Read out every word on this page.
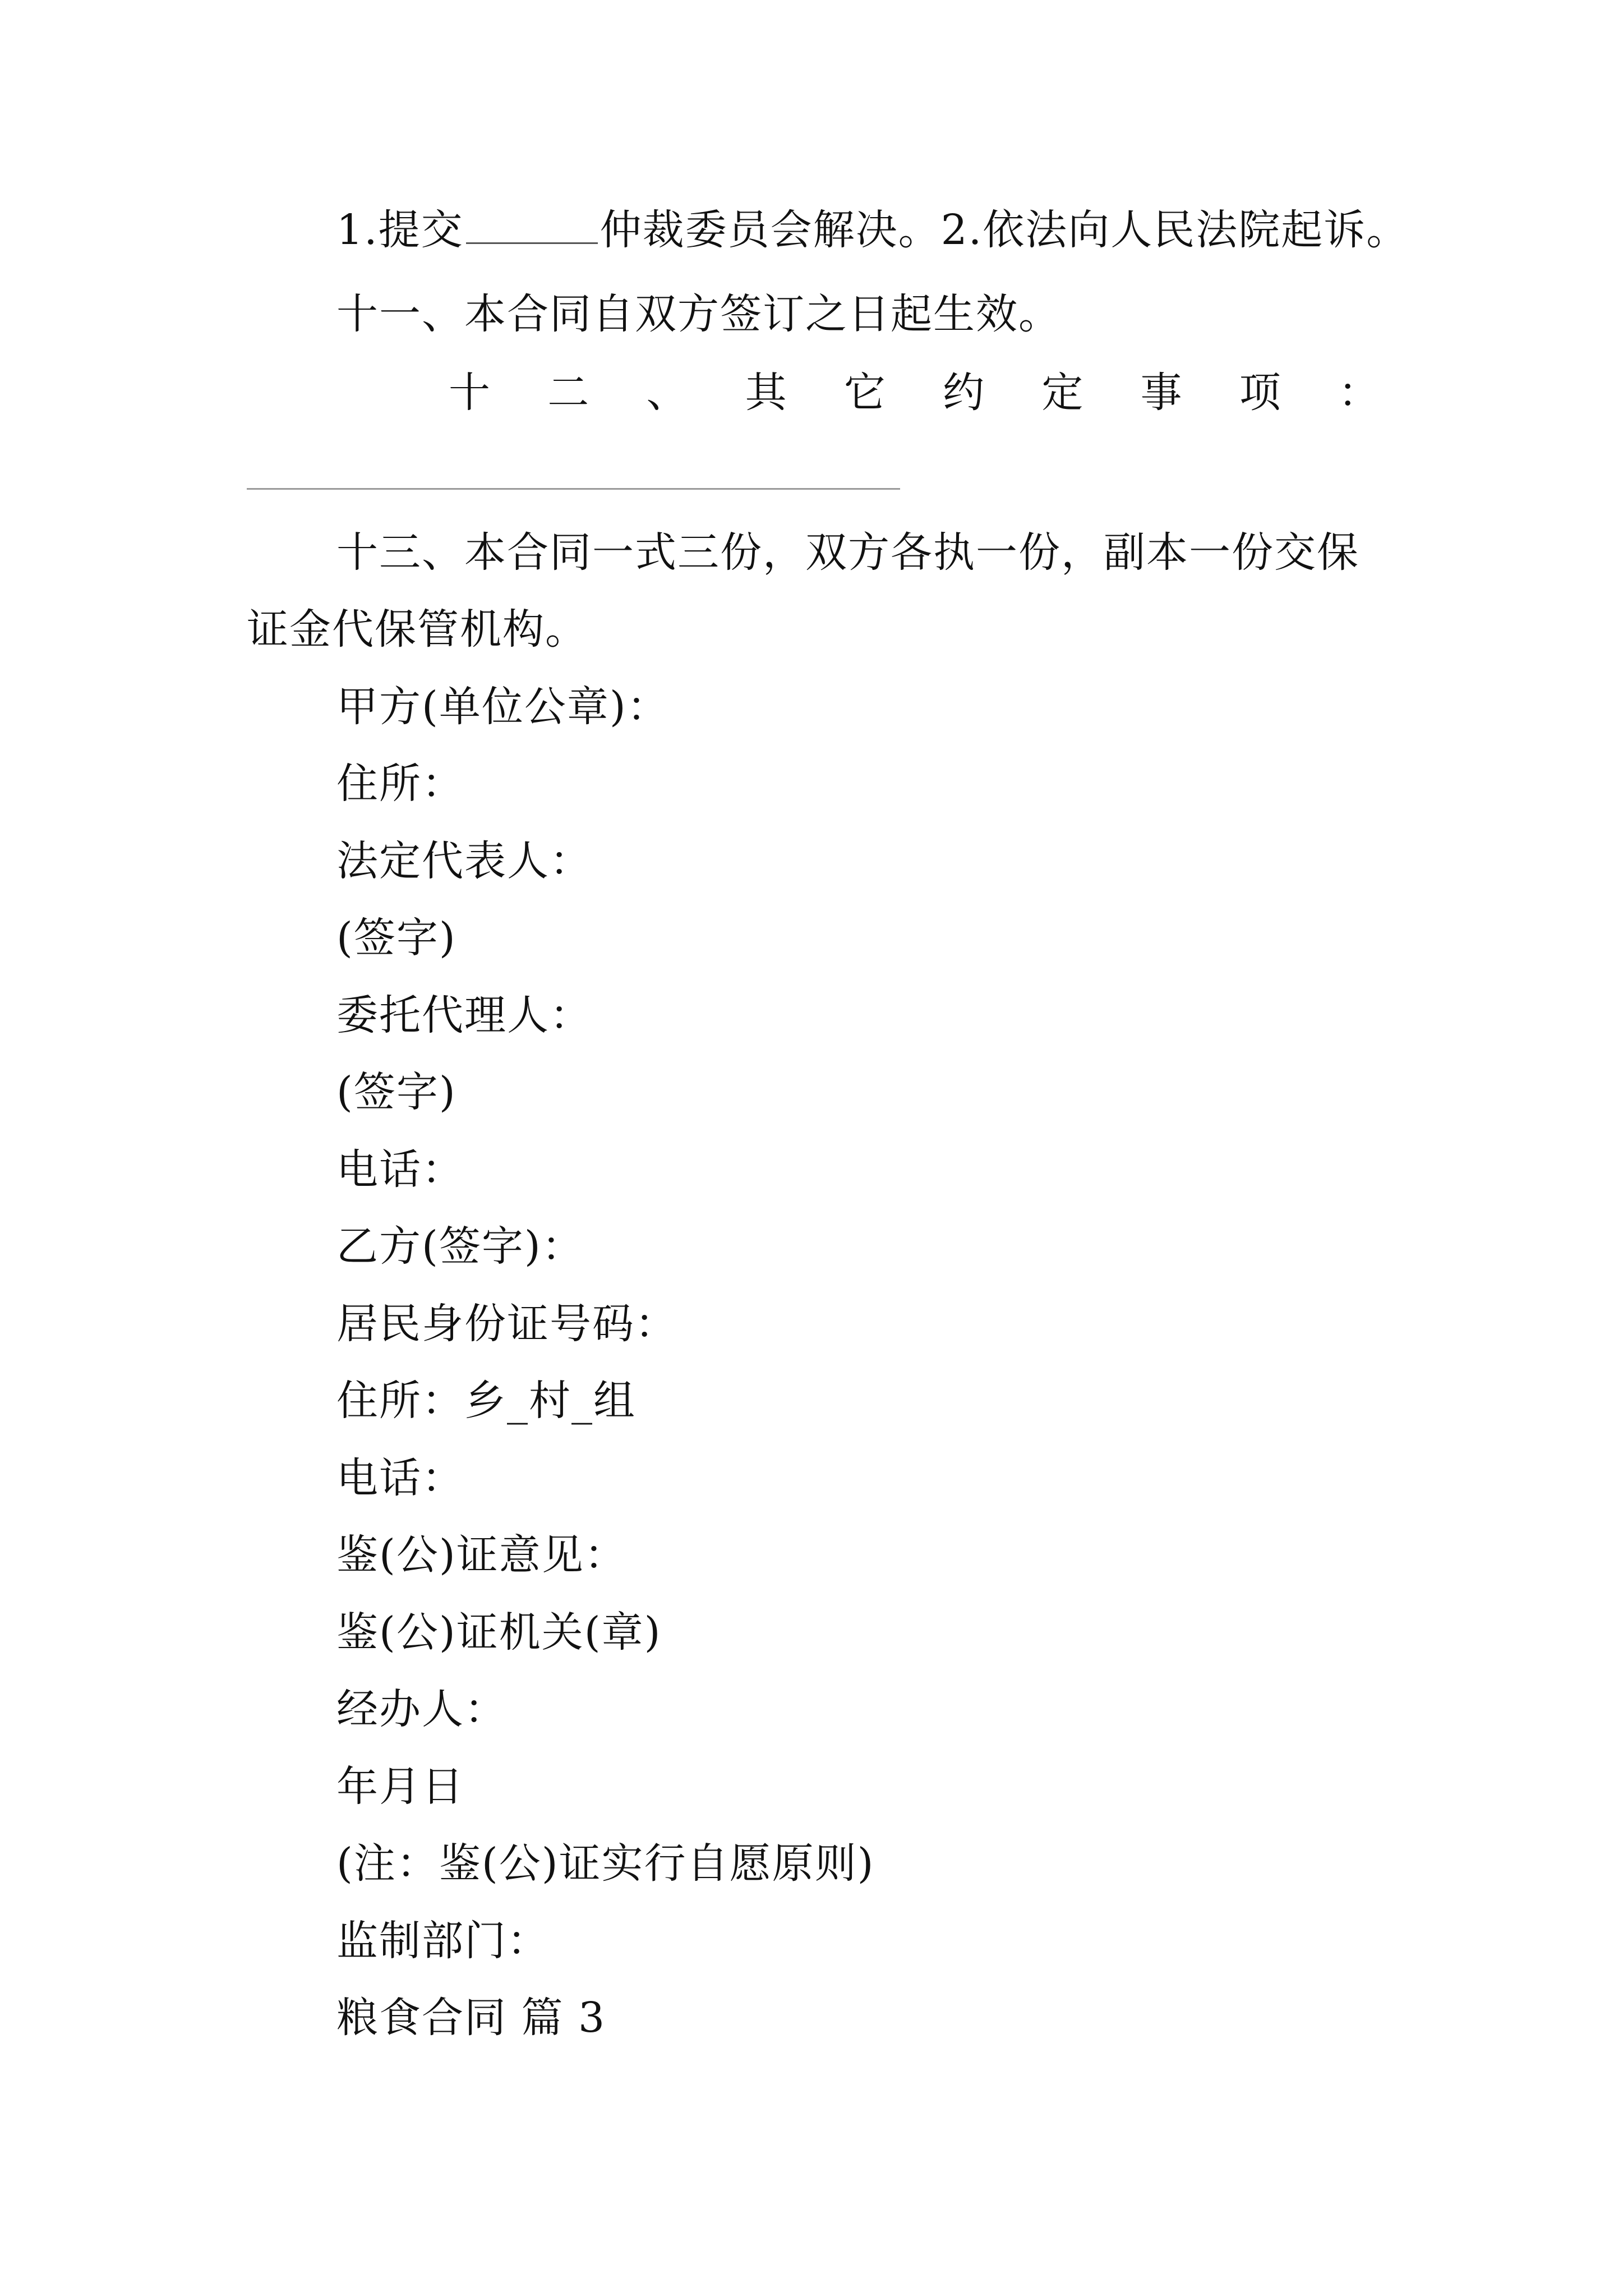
1.提交	仲裁委员会解决。2.依法向人民法院起诉。
十一、本合同自双方签订之日起生效。
十 二 、 其 它 约 定 事 项 ：
十三、本合同一式三份，双方各执一份，副本一份交保
证金代保管机构。
甲方(单位公章)：
住所：
法定代表人：
(签字)
委托代理人：
(签字)
电话：
乙方(签字)：
居民身份证号码：
住所：乡_村_组
电话：
鉴(公)证意见：
鉴(公)证机关(章)
经办人：
年月日
(注：鉴(公)证实行自愿原则)
监制部门：
粮食合同 篇 3
